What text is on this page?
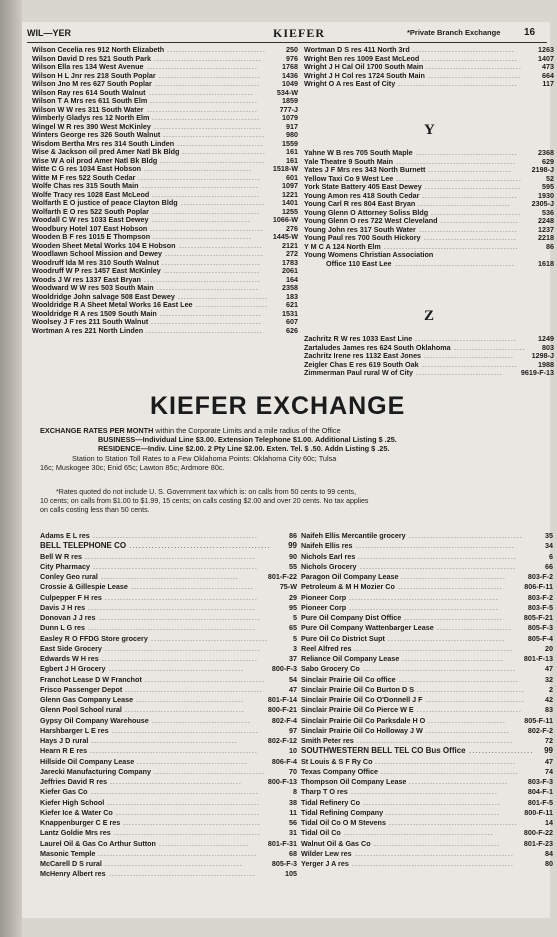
WIL—YER	KIEFER	*Private Branch Exchange 16
Wilson Cecelia res 912 North Elizabeth .................................	250
Wilson David D res 521 South Park ....................................	976
Wilson Ella res 134 West Avenue .....................................	1768
Wilson H L Jnr res 218 South Poplar ..................................	1436
Wilson Jno M res 627 South Poplar ...................................	1049
Wilson Ray res 614 South Walnut ...................................	534-W
Wilson T A Mrs res 611 South Elm ....................................	1859
Wilson W W res 311 South Water .....................................	777-J
Wimberly Gladys res 12 North Elm ....................................	1079
Wingel W R res 390 West McKinley ....................................	917
Winters George res 326 South Walnut ..................................	980
Wisdom Bertha Mrs res 314 South Linden .............................	1559
Wise & Jackson oil pred Amer Natl Bk Bldg ............................	161
Wise W A oil prod Amer Natl Bk Bldg ...................................	161
Witte C G res 1034 East Hobson ....................................	1518-W
Witte M F res 522 South Cedar .........................................	601
Wolfe Chas res 315 South Main .......................................	1097
Wolfe Tracy res 1028 East McLeod ....................................	1221
Wolfarth E O justice of peace Clayton Bldg ............................	1401
Wolfarth E O res 522 South Poplar ....................................	1255
Woodall C W res 1033 East Dewey .................................	1066-W
Woodbury Hotel 107 East Hobson ......................................	276
Wooden B F res 1015 E Thompson .................................	1445-W
Wooden Sheet Metal Works 104 E Hobson ............................	2121
Woodlawn School Mission and Dewey .................................	272
Woodruff Ida M res 310 South Walnut .................................	1783
Woodruff W P res 1457 East McKinley ................................	2061
Woods J W res 1337 East Bryan .......................................	164
Woodward W W res 503 South Main ..................................	2358
Wooldridge John salvage 508 East Dewey ..............................	183
Wooldridge R A Sheet Metal Works 16 East Lee ........................	621
Wooldridge R A res 1509 South Main ..................................	1531
Woolsey J F res 211 South Walnut .....................................	607
Wortman A res 221 North Linden .......................................	626
Wortman D S res 411 North 3rd ..................................	1263
Wright Ben res 1009 East McLeod ................................	1407
Wright J H Cal Oil 1700 South Main ................................	473
Wright J H Col res 1724 South Main ...............................	664
Wright O A res East of City ........................................	117
Y
Yahne W B res 705 South Maple ..................................	2368
Yale Theatre 9 South Main ........................................	629
Yates J F Mrs res 343 North Burnett ............................	2198-J
Yellow Taxi Co 9 West Lee ..........................................	52
York State Battery 405 East Dewey ................................	595
Young Amon res 418 South Cedar ................................	1930
Young Carl R res 804 East Bryan ...............................	2305-J
Young Glenn O Attorney Soliss Bldg ..............................	536
Young Glenn O res 722 West Cleveland ..........................	2248
Young John res 317 South Water .................................	1237
Young Paul res 700 South Hickory ...............................	2218
Y M C A 124 North Elm .............................................	86
Young Womens Christian Association
Office 110 East Lee ........................................	1618
Z
Zachritz R W res 1033 East Line ..................................	1249
Zartaludes James res 624 South Oklahoma ........................	803
Zachritz Irene res 1132 East Jones ..............................	1298-J
Zeigler Chas E res 619 South Oak ................................	1988
Zimmerman Paul rural W of City .............................	9619-F-13
KIEFER EXCHANGE

EXCHANGE RATES PER MONTH within the Corporate Limits and a mile radius of the Office

BUSINESS—Individual Line $3.00. Extension Telephone $1.00. Additional Listing $ .25.

RESIDENCE—Indiv. Line $2.00. 2 Pty Line $2.00. Exten. Tel. $ .50. Addn Listing $ .25.

Station to Station Toll Rates to a Few Oklahoma Points: Oklahoma City 60c; Tulsa

16c; Muskogee 30c; Enid 65c; Lawton 85c; Ardmore 80c.

*Rates quoted do not include U. S. Government tax which is: on calls from 50 cents to 99 cents,

10 cents; on calls from $1.00 to $1.99, 15 cents; on calls costing $2.00 and over 20 cents. No tax applies

on calls costing less than 50 cents.

Adams E L res .......................................................	86
BELL TELEPHONE CO ............................................	99
Bell W R res .........................................................	90
City Pharmacy .......................................................	55
Conley Geo rural ..............................................	801-F-22
Crossie & Gillespie Lease .........................................	75-W
Culpepper F H res ...................................................	29
Davis J H res ........................................................	95
Donovan J J res ......................................................	5
Dunn L G res ........................................................	65
Easley R O FFDG Store grocery .......................................	5
East Side Grocery ....................................................	3
Edwards W H res ....................................................	37
Egbert J H Grocery .............................................	800-F-3
Franchot Lease D W Franchot ........................................	54
Frisco Passenger Depot ..............................................	47
Glenn Gas Company Lease ....................................	801-F-14
Glenn Pool School rural ........................................	800-F-21
Gypsy Oil Company Warehouse .................................	802-F-4
Harshbarger L E res .................................................	97
Hays J D rural .................................................	802-F-12
Hearn R E res ........................................................	10
Hillside Oil Company Lease .....................................	806-F-4
Jarecki Manufacturing Company .....................................	70
Jeffries David R res ............................................	800-F-13
Kiefer Gas Co ........................................................	8
Kiefer High School ...................................................	38
Kiefer Ice & Water Co ................................................	11
Knappenburger C E res ..............................................	56
Lantz Goldie Mrs res .................................................	31
Laurel Oil & Gas Co Arthur Sutton ..............................	801-F-31
Masonic Temple .....................................................	68
McCarell D S rural ..............................................	805-F-3
McHenry Albert res .................................................	105
Naifeh Ellis Mercantile grocery ......................................	35
Naifeh Ellis res .....................................................	34
Nichols Earl res .....................................................	6
Nichols Grocery ....................................................	66
Paragon Oil Company Lease ...................................	803-F-2
Petroleum & M H Mozier Co ...................................	806-F-11
Pioneer Corp ..................................................	803-F-2
Pioneer Corp ..................................................	803-F-5
Pure Oil Company Dist Office .................................	805-F-21
Pure Oil Company Wattenbarger Lease .........................	805-F-3
Pure Oil Co District Supt .......................................	805-F-4
Reel Alfred res .....................................................	20
Reliance Oil Company Lease ..................................	801-F-13
Sabo Grocery Co ...................................................	47
Sinclair Prairie Oil Co office ........................................	32
Sinclair Prairie Oil Co Burton D S ....................................	2
Sinclair Prairie Oil Co O'Donnell J F .................................	42
Sinclair Prairie Oil Co Pierce W E ...................................	83
Sinclair Prairie Oil Co Parksdale H O ..........................	805-F-11
Sinclair Prairie Oil Co Holloway J W ............................	802-F-2
Smith Peter res ....................................................	72
SOUTHWESTERN BELL TEL CO Bus Office ....................	99
St Louis & S F Ry Co ...............................................	47
Texas Company Office ..............................................	74
Thompson Oil Company Lease .................................	803-F-3
Tharp T O res .................................................	804-F-1
Tidal Refinery Co ..............................................	801-F-5
Tidal Refining Company ......................................	800-F-11
Tidal Oil Co O M Stevens ...........................................	14
Tidal Oil Co ..................................................	800-F-22
Walnut Oil & Gas Co ..........................................	801-F-23
Wilder Lew res .....................................................	84
Yerger J A res ......................................................	80
